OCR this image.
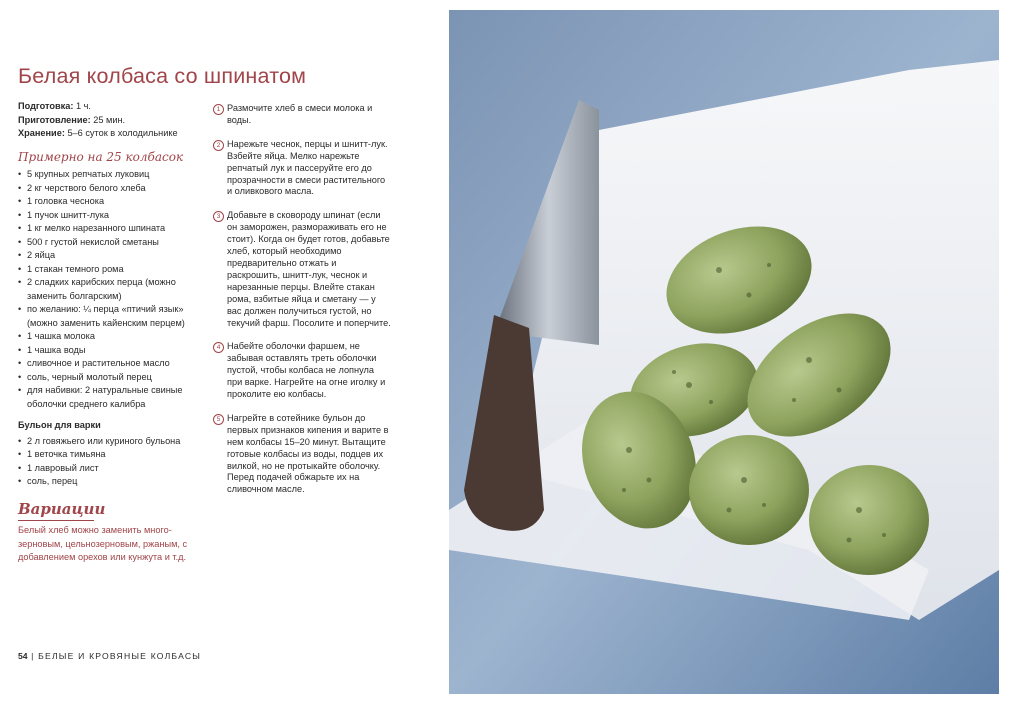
Белая колбаса со шпинатом

Подготовка: 1 ч.

Приготовление: 25 мин.

Хранение: 5–6 суток в холодильнике

Примерно на 25 колбасок
• 5 крупных репчатых луковиц
• 2 кг черствого белого хлеба
• 1 головка чеснока
• 1 пучок шнитт-лука
• 1 кг мелко нарезанного шпината
• 500 г густой некислой сметаны
• 2 яйца
• 1 стакан темного рома
• 2 сладких карибских перца (можно заменить болгарским)
• по желанию: ¼ перца «птичий язык» (можно заменить кайенским перцем)
• 1 чашка молока
• 1 чашка воды
• сливочное и растительное масло
• соль, черный молотый перец
• для набивки: 2 натуральные свиные оболочки среднего калибра
Бульон для варки
• 2 л говяжьего или куриного бульона
• 1 веточка тимьяна
• 1 лавровый лист
• соль, перец
Вариации

Белый хлеб можно заменить многозерновым, цельнозерновым, ржаным, с добавлением орехов или кунжута и т.д.

1 Размочите хлеб в смеси молока и воды.
2 Нарежьте чеснок, перцы и шнитт-лук. Взбейте яйца. Мелко нарежьте репчатый лук и пассеруйте его до прозрачности в смеси растительного и оливкового масла.
3 Добавьте в сковороду шпинат (если он заморожен, размораживать его не стоит). Когда он будет готов, добавьте хлеб, который необходимо предварительно отжать и раскрошить, шнитт-лук, чеснок и нарезанные перцы. Влейте стакан рома, взбитые яйца и сметану — у вас должен получиться густой, но текучий фарш. Посолите и поперчите.
4 Набейте оболочки фаршем, не забывая оставлять треть оболочки пустой, чтобы колбаса не лопнула при варке. Нагрейте на огне иголку и проколите ею колбасы.
5 Нагрейте в сотейнике бульон до первых признаков кипения и варите в нем колбасы 15–20 минут. Вытащите готовые колбасы из воды, подцев их вилкой, но не протыкайте оболочку. Перед подачей обжарьте их на сливочном масле.
54 | БЕЛЫЕ И КРОВЯНЫЕ КОЛБАСЫ
